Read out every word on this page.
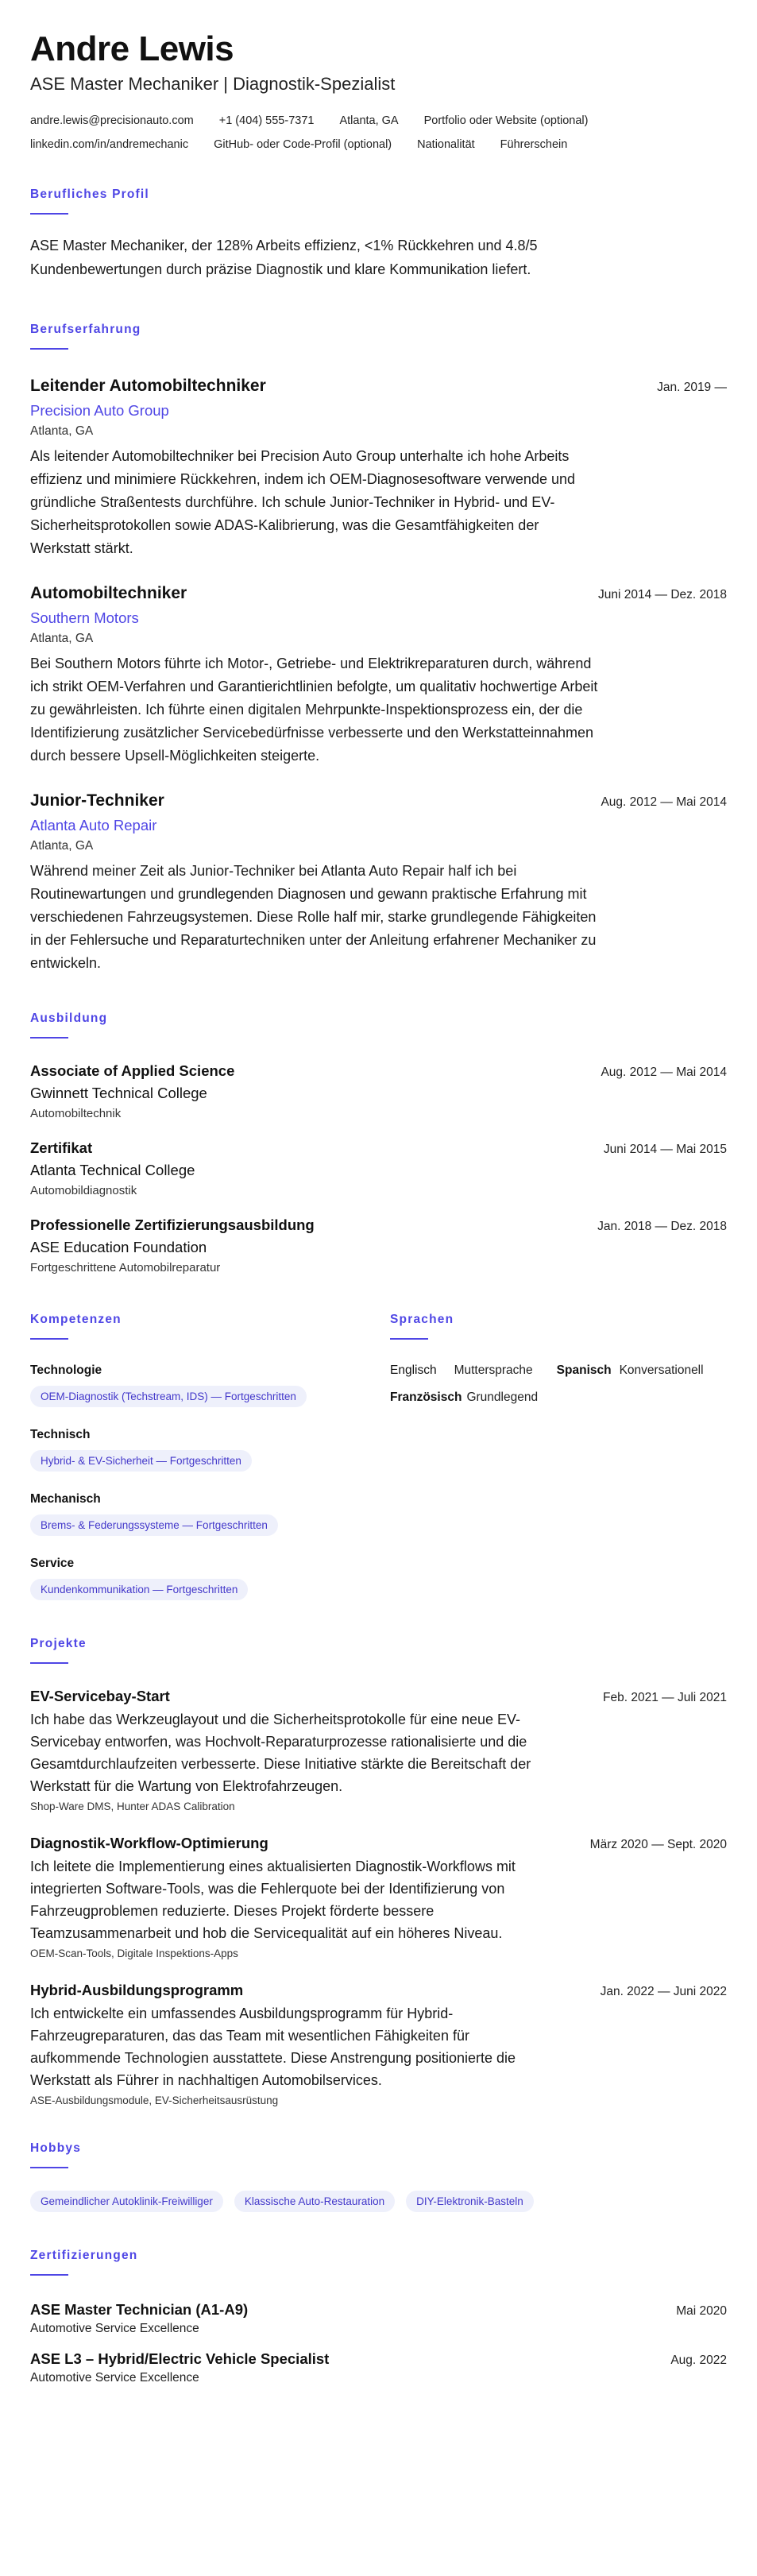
Andre Lewis
ASE Master Mechaniker | Diagnostik-Spezialist
andre.lewis@precisionauto.com +1 (404) 555-7371 Atlanta, GA Portfolio oder Website (optional)
linkedin.com/in/andremechanic GitHub- oder Code-Profil (optional) Nationalität Führerschein
Berufliches Profil
ASE Master Mechaniker, der 128% Arbeits effizienz, <1% Rückkehren und 4.8/5 Kundenbewertungen durch präzise Diagnostik und klare Kommunikation liefert.
Berufserfahrung
Leitender Automobiltechniker	Jan. 2019 —
Precision Auto Group
Atlanta, GA
Als leitender Automobiltechniker bei Precision Auto Group unterhalte ich hohe Arbeits effizienz und minimiere Rückkehren, indem ich OEM-Diagnosesoftware verwende und gründliche Straßentests durchführe. Ich schule Junior-Techniker in Hybrid- und EV-Sicherheitsprotokollen sowie ADAS-Kalibrierung, was die Gesamtfähigkeiten der Werkstatt stärkt.
Automobiltechniker	Juni 2014 — Dez. 2018
Southern Motors
Atlanta, GA
Bei Southern Motors führte ich Motor-, Getriebe- und Elektrikreparaturen durch, während ich strikt OEM-Verfahren und Garantierichtlinien befolgte, um qualitativ hochwertige Arbeit zu gewährleisten. Ich führte einen digitalen Mehrpunkte-Inspektionsprozess ein, der die Identifizierung zusätzlicher Servicebedürfnisse verbesserte und den Werkstatteinnahmen durch bessere Upsell-Möglichkeiten steigerte.
Junior-Techniker	Aug. 2012 — Mai 2014
Atlanta Auto Repair
Atlanta, GA
Während meiner Zeit als Junior-Techniker bei Atlanta Auto Repair half ich bei Routinewartungen und grundlegenden Diagnosen und gewann praktische Erfahrung mit verschiedenen Fahrzeugsystemen. Diese Rolle half mir, starke grundlegende Fähigkeiten in der Fehlersuche und Reparaturtechniken unter der Anleitung erfahrener Mechaniker zu entwickeln.
Ausbildung
Associate of Applied Science	Aug. 2012 — Mai 2014
Gwinnett Technical College
Automobiltechnik
Zertifikat	Juni 2014 — Mai 2015
Atlanta Technical College
Automobildiagnostik
Professionelle Zertifizierungsausbildung	Jan. 2018 — Dez. 2018
ASE Education Foundation
Fortgeschrittene Automobilreparatur
Kompetenzen
Technologie
OEM-Diagnostik (Techstream, IDS) — Fortgeschritten
Technisch
Hybrid- & EV-Sicherheit — Fortgeschritten
Mechanisch
Brems- & Federungssysteme — Fortgeschritten
Service
Kundenkommunikation — Fortgeschritten
Sprachen
Englisch Muttersprache Spanisch Konversationell
Französisch Grundlegend
Projekte
EV-Servicebay-Start	Feb. 2021 — Juli 2021
Ich habe das Werkzeuglayout und die Sicherheitsprotokolle für eine neue EV-Servicebay entworfen, was Hochvolt-Reparaturprozesse rationalisierte und die Gesamtdurchlaufzeiten verbesserte. Diese Initiative stärkte die Bereitschaft der Werkstatt für die Wartung von Elektrofahrzeugen.
Shop-Ware DMS, Hunter ADAS Calibration
Diagnostik-Workflow-Optimierung	März 2020 — Sept. 2020
Ich leitete die Implementierung eines aktualisierten Diagnostik-Workflows mit integrierten Software-Tools, was die Fehlerquote bei der Identifizierung von Fahrzeugproblemen reduzierte. Dieses Projekt förderte bessere Teamzusammenarbeit und hob die Servicequalität auf ein höheres Niveau.
OEM-Scan-Tools, Digitale Inspektions-Apps
Hybrid-Ausbildungsprogramm	Jan. 2022 — Juni 2022
Ich entwickelte ein umfassendes Ausbildungsprogramm für Hybrid-Fahrzeugreparaturen, das das Team mit wesentlichen Fähigkeiten für aufkommende Technologien ausstattete. Diese Anstrengung positionierte die Werkstatt als Führer in nachhaltigen Automobilservices.
ASE-Ausbildungsmodule, EV-Sicherheitsausrüstung
Hobbys
Gemeindlicher Autoklinik-Freiwilliger	Klassische Auto-Restauration	DIY-Elektronik-Basteln
Zertifizierungen
ASE Master Technician (A1-A9)	Mai 2020
Automotive Service Excellence
ASE L3 – Hybrid/Electric Vehicle Specialist	Aug. 2022
Automotive Service Excellence
